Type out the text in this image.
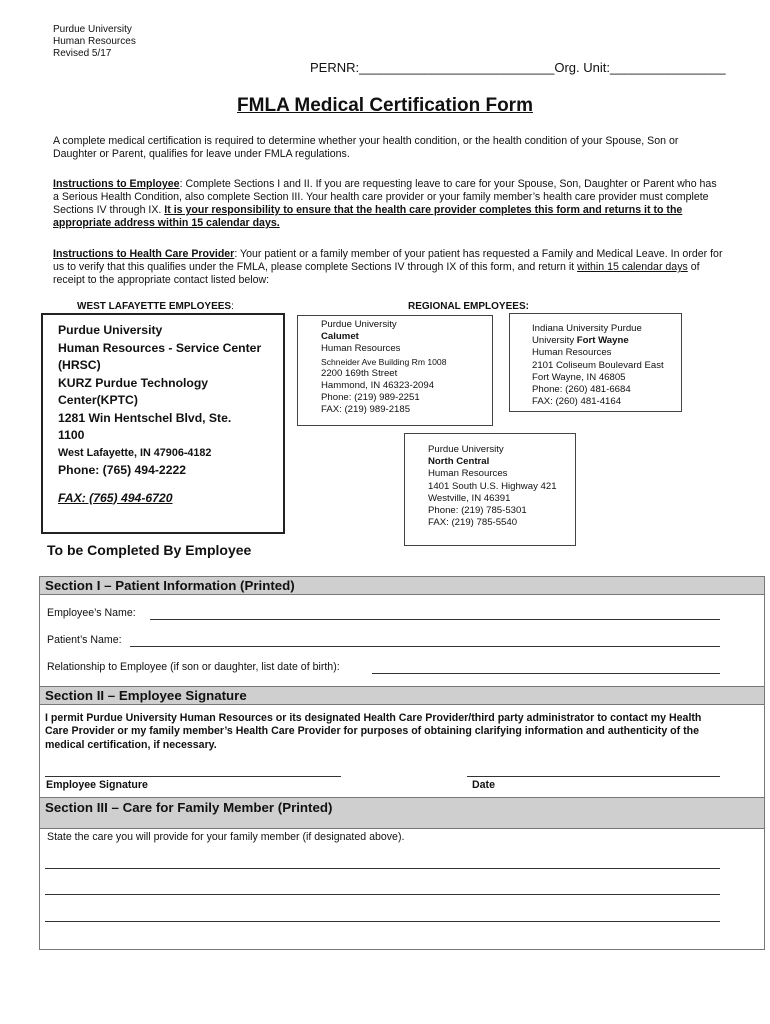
Purdue University
Human Resources
Revised 5/17
PERNR:___________________________Org. Unit:________________
FMLA Medical Certification Form
A complete medical certification is required to determine whether your health condition, or the health condition of your Spouse, Son or Daughter or Parent, qualifies for leave under FMLA regulations.
Instructions to Employee: Complete Sections I and II. If you are requesting leave to care for your Spouse, Son, Daughter or Parent who has a Serious Health Condition, also complete Section III. Your health care provider or your family member’s health care provider must complete Sections IV through IX. It is your responsibility to ensure that the health care provider completes this form and returns it to the appropriate address within 15 calendar days.
Instructions to Health Care Provider: Your patient or a family member of your patient has requested a Family and Medical Leave. In order for us to verify that this qualifies under the FMLA, please complete Sections IV through IX of this form, and return it within 15 calendar days of receipt to the appropriate contact listed below:
WEST LAFAYETTE EMPLOYEES:	REGIONAL EMPLOYEES:
Purdue University
Human Resources - Service Center
(HRSC)
KURZ Purdue Technology
Center(KPTC)
1281 Win Hentschel Blvd, Ste.
1100
West Lafayette, IN 47906-4182
Phone: (765) 494-2222
FAX: (765) 494-6720
Purdue University
Calumet
Human Resources
Schneider Ave Building Rm 1008
2200 169th Street
Hammond, IN 46323-2094
Phone: (219) 989-2251
FAX: (219) 989-2185
Indiana University Purdue
University Fort Wayne
Human Resources
2101 Coliseum Boulevard East
Fort Wayne, IN 46805
Phone: (260) 481-6684
FAX: (260) 481-4164
Purdue University
North Central
Human Resources
1401 South U.S. Highway 421
Westville, IN 46391
Phone: (219) 785-5301
FAX: (219) 785-5540
To be Completed By Employee
Section I – Patient Information (Printed)
Employee’s Name:
Patient’s Name:
Relationship to Employee (if son or daughter, list date of birth):
Section II – Employee Signature
I permit Purdue University Human Resources or its designated Health Care Provider/third party administrator to contact my Health Care Provider or my family member’s Health Care Provider for purposes of obtaining clarifying information and authenticity of the medical certification, if necessary.
Employee Signature	Date
Section III – Care for Family Member (Printed)
State the care you will provide for your family member (if designated above).
